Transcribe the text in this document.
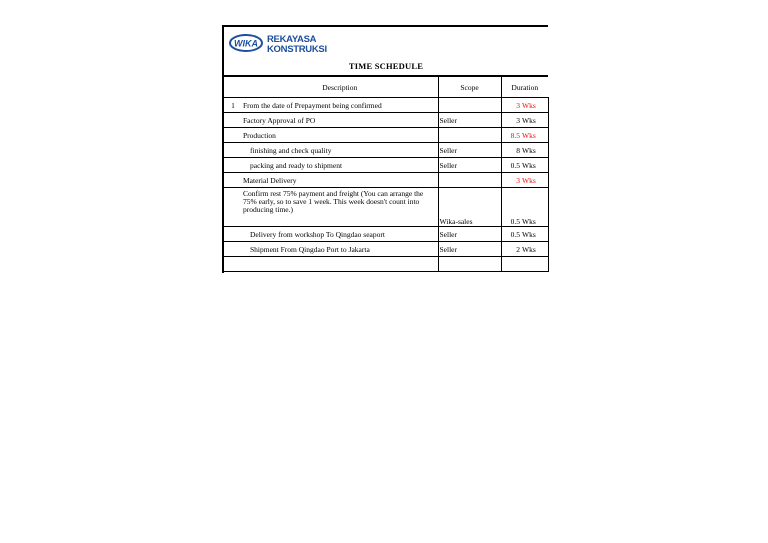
WIKA REKAYASA
KONSTRUKSI
TIME SCHEDULE
	Description	Scope	Duration	
1	From the date of Prepayment being confirmed		3	Wks
	Factory Approval of PO	Seller	3	Wks
	Production		8.5	Wks
	finishing and check quality	Seller	8	Wks
	packing and ready to shipment	Seller	0.5	Wks
	Material Delivery		3	Wks
	Confirm rest 75% payment and freight (You can arrange the 75% early, so to save 1 week. This week doesn't count into producing time.)	Wika-sales	0.5	Wks
	Delivery from workshop To Qingdao seaport	Seller	0.5	Wks
	Shipment From Qingdao Port to Jakarta	Seller	2	Wks
